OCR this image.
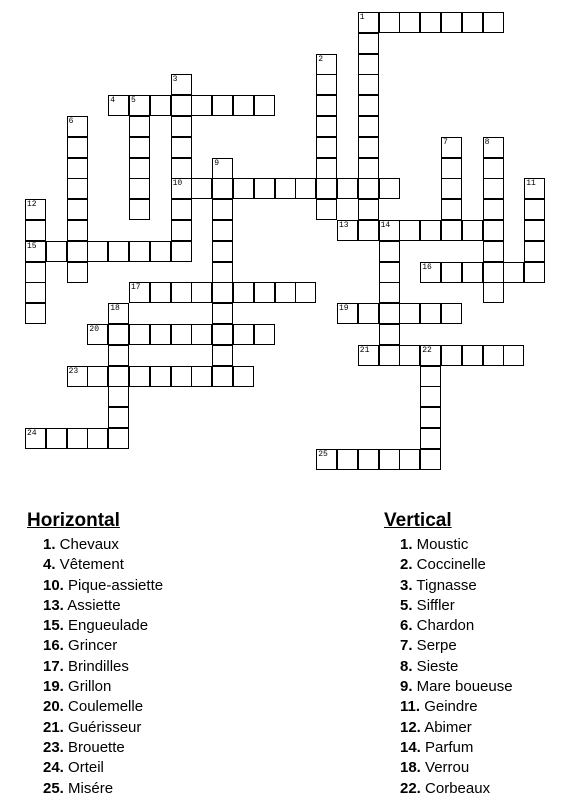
1
2
3
10
4 5
6
7	8
9
11
12
15
13	14
16
17
18	19
20
21	22
23
24
25
Horizontal
1. Chevaux
4. Vêtement
10. Pique-assiette
13. Assiette
15. Engueulade
16. Grincer
17. Brindilles
19. Grillon
20. Coulemelle
21. Guérisseur
23. Brouette
24. Orteil
25. Misére
Vertical
1. Moustic
2. Coccinelle
3. Tignasse
5. Siffler
6. Chardon
7. Serpe
8. Sieste
9. Mare boueuse
11. Geindre
12. Abimer
14. Parfum
18. Verrou
22. Corbeaux
